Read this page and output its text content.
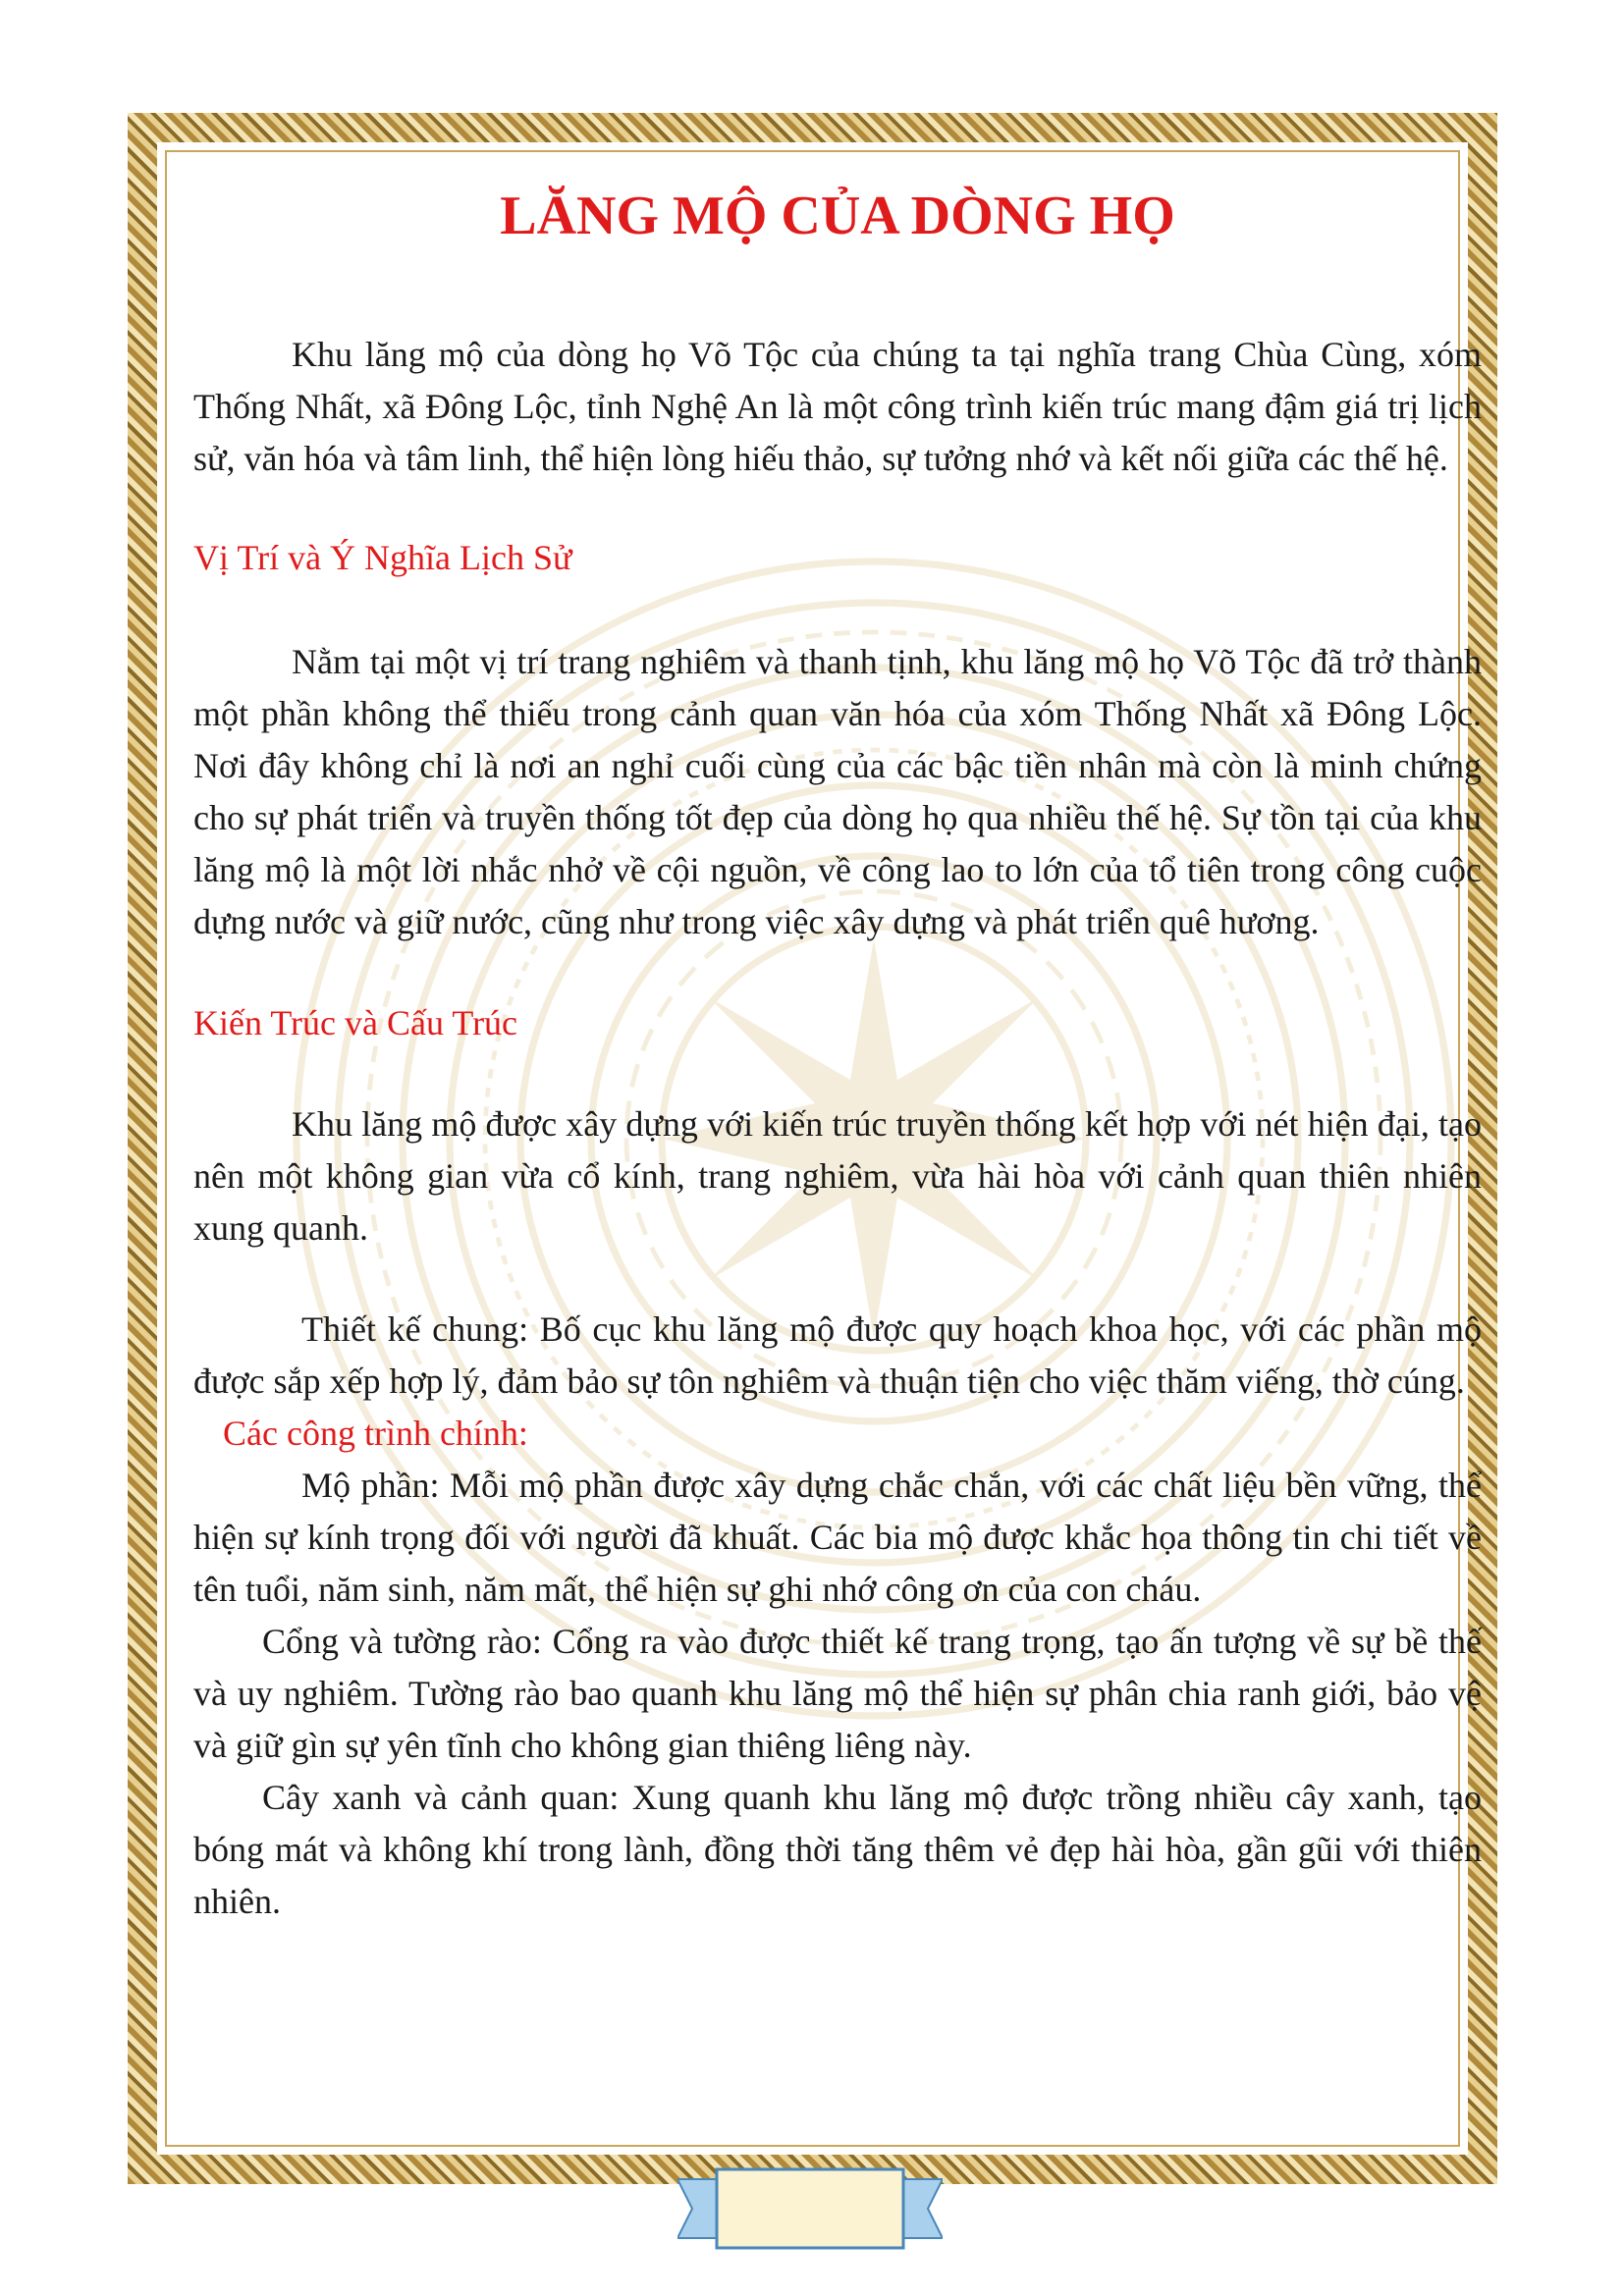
LĂNG MỘ CỦA DÒNG HỌ

Khu lăng mộ của dòng họ Võ Tộc của chúng ta tại nghĩa trang Chùa Cùng, xóm Thống Nhất, xã Đông Lộc, tỉnh Nghệ An là một công trình kiến trúc mang đậm giá trị lịch sử, văn hóa và tâm linh, thể hiện lòng hiếu thảo, sự tưởng nhớ và kết nối giữa các thế hệ.

Vị Trí và Ý Nghĩa Lịch Sử

Nằm tại một vị trí trang nghiêm và thanh tịnh, khu lăng mộ họ Võ Tộc đã trở thành một phần không thể thiếu trong cảnh quan văn hóa của xóm Thống Nhất xã Đông Lộc. Nơi đây không chỉ là nơi an nghỉ cuối cùng của các bậc tiền nhân mà còn là minh chứng cho sự phát triển và truyền thống tốt đẹp của dòng họ qua nhiều thế hệ. Sự tồn tại của khu lăng mộ là một lời nhắc nhở về cội nguồn, về công lao to lớn của tổ tiên trong công cuộc dựng nước và giữ nước, cũng như trong việc xây dựng và phát triển quê hương.

Kiến Trúc và Cấu Trúc

Khu lăng mộ được xây dựng với kiến trúc truyền thống kết hợp với nét hiện đại, tạo nên một không gian vừa cổ kính, trang nghiêm, vừa hài hòa với cảnh quan thiên nhiên xung quanh.

Thiết kế chung: Bố cục khu lăng mộ được quy hoạch khoa học, với các phần mộ được sắp xếp hợp lý, đảm bảo sự tôn nghiêm và thuận tiện cho việc thăm viếng, thờ cúng.

Các công trình chính:

Mộ phần: Mỗi mộ phần được xây dựng chắc chắn, với các chất liệu bền vững, thể hiện sự kính trọng đối với người đã khuất. Các bia mộ được khắc họa thông tin chi tiết về tên tuổi, năm sinh, năm mất, thể hiện sự ghi nhớ công ơn của con cháu.

Cổng và tường rào: Cổng ra vào được thiết kế trang trọng, tạo ấn tượng về sự bề thế và uy nghiêm. Tường rào bao quanh khu lăng mộ thể hiện sự phân chia ranh giới, bảo vệ và giữ gìn sự yên tĩnh cho không gian thiêng liêng này.

Cây xanh và cảnh quan: Xung quanh khu lăng mộ được trồng nhiều cây xanh, tạo bóng mát và không khí trong lành, đồng thời tăng thêm vẻ đẹp hài hòa, gần gũi với thiên nhiên.
